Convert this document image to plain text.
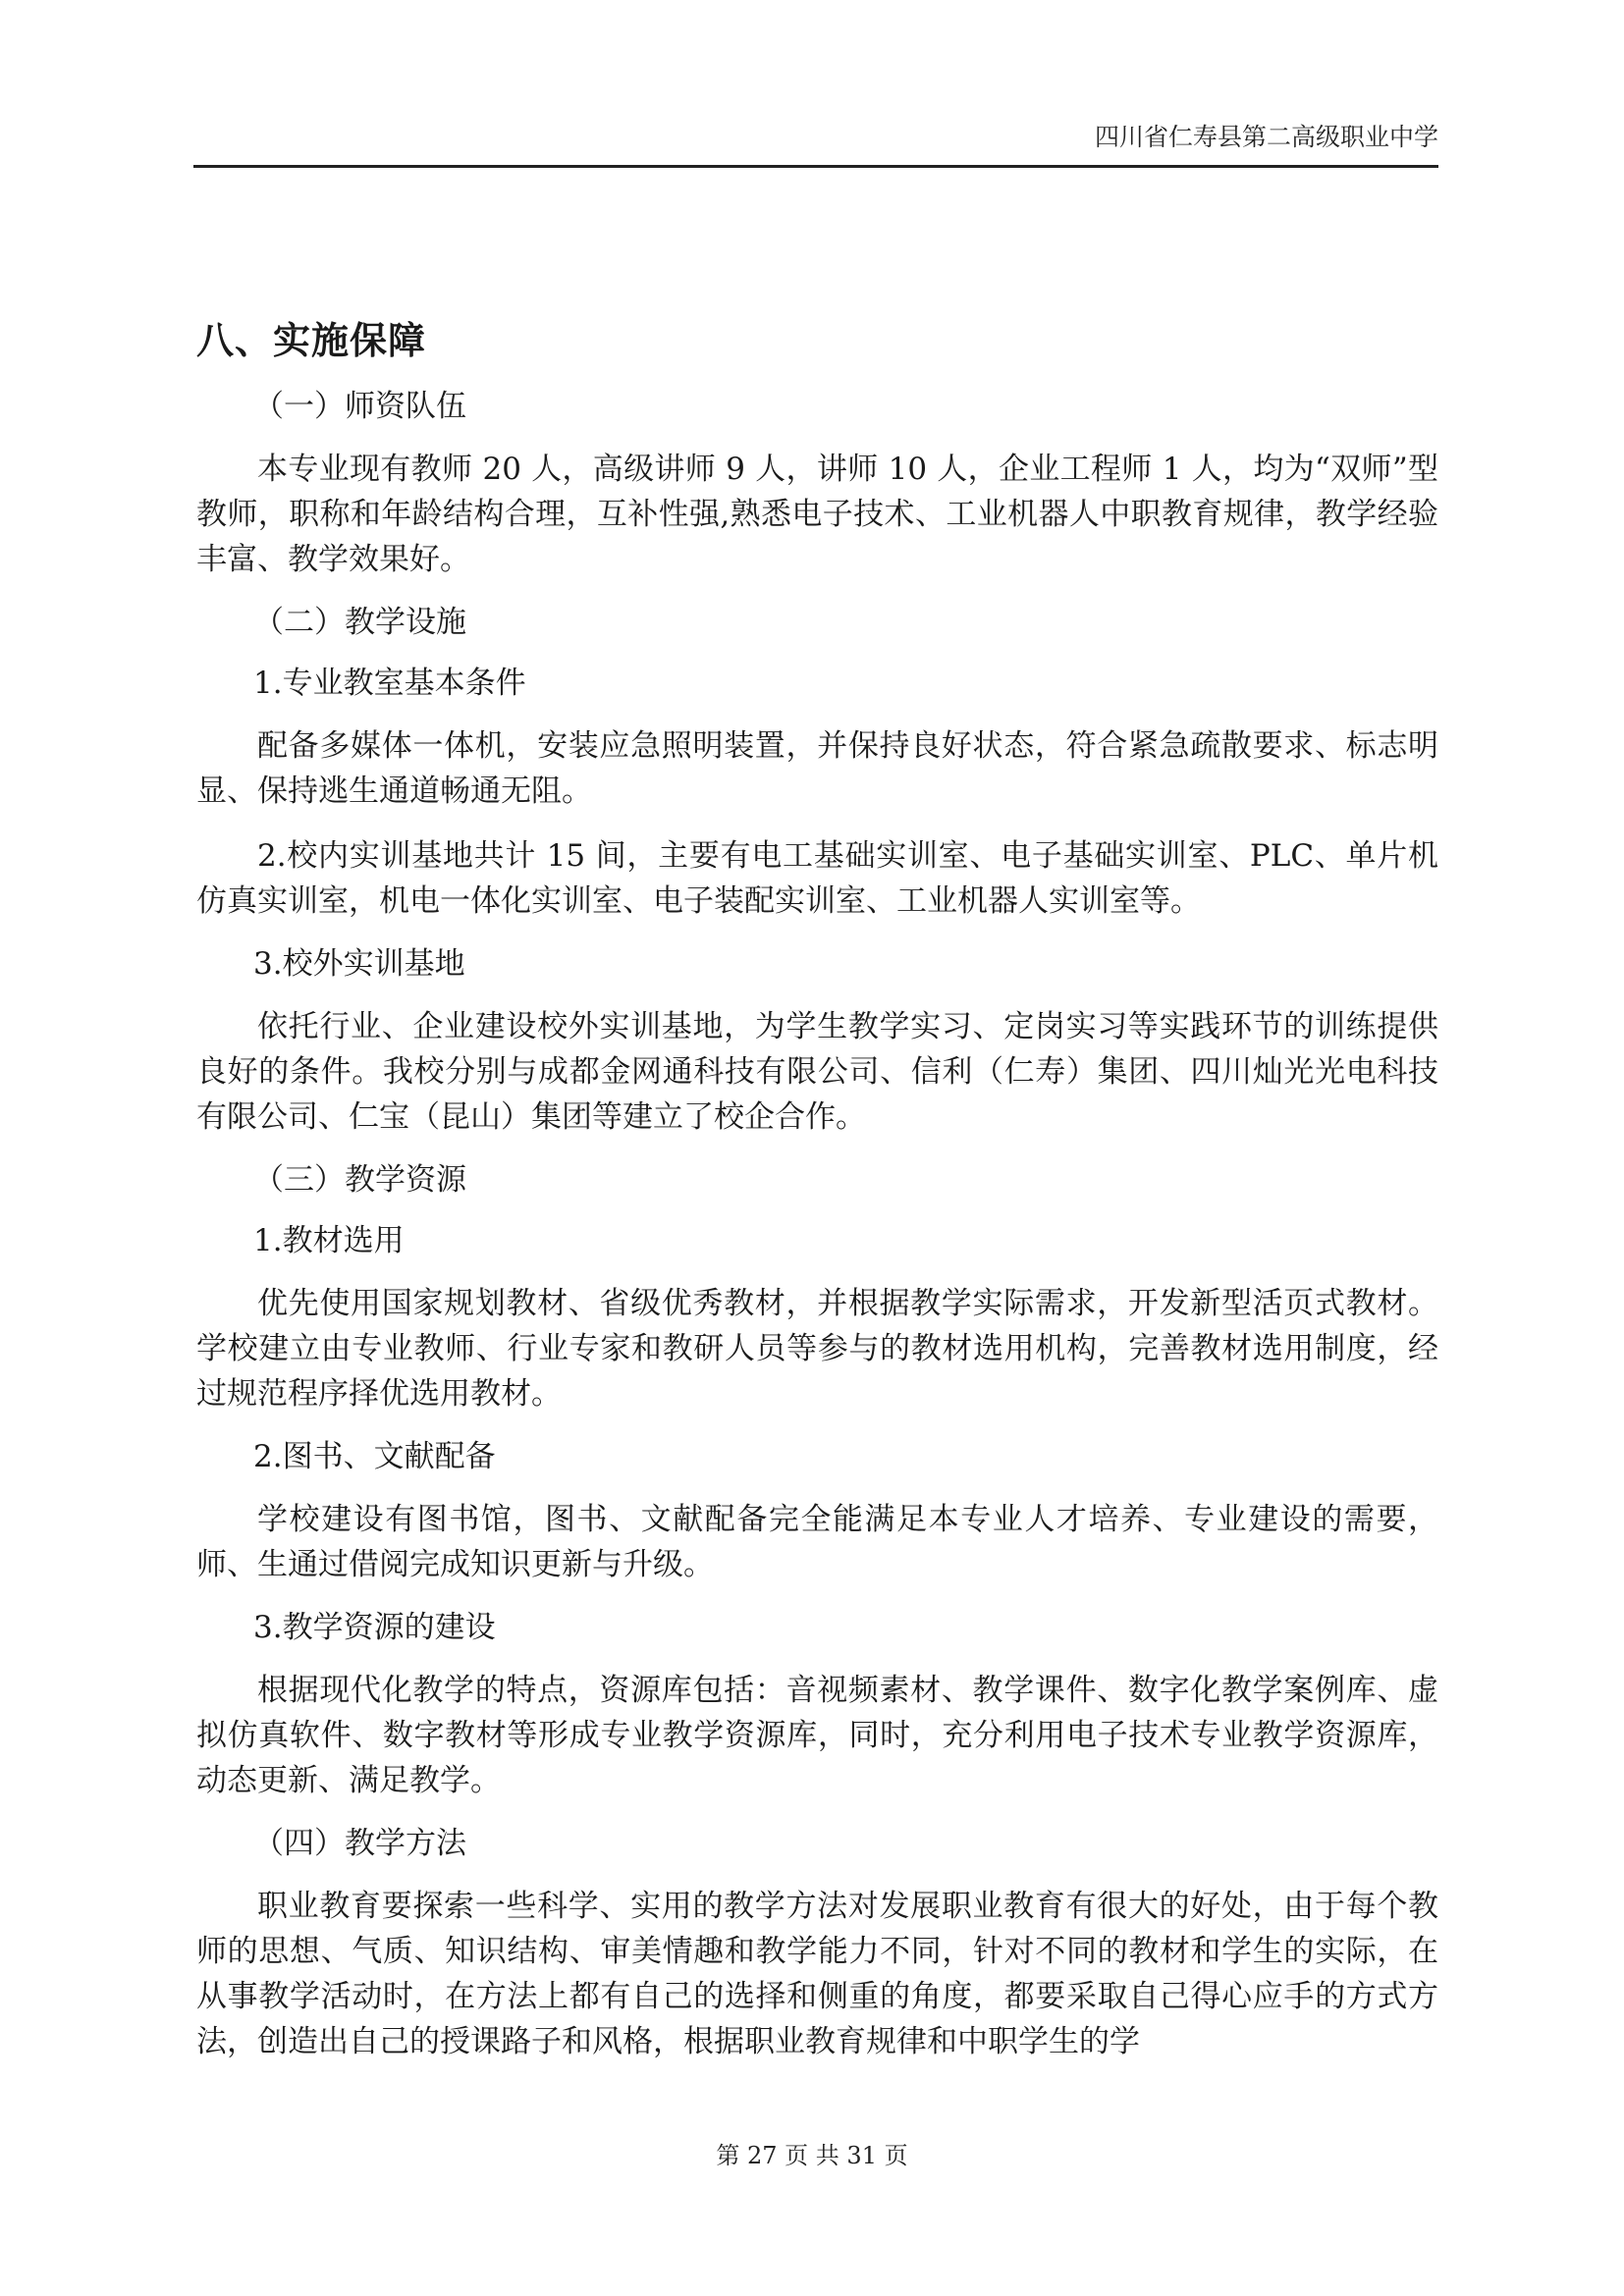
四川省仁寿县第二高级职业中学
八、实施保障
（一）师资队伍
本专业现有教师 20 人，高级讲师 9 人，讲师 10 人，企业工程师 1 人，均为“双师”型教师，职称和年龄结构合理，互补性强,熟悉电子技术、工业机器人中职教育规律，教学经验丰富、教学效果好。
（二）教学设施
1.专业教室基本条件
配备多媒体一体机，安装应急照明装置，并保持良好状态，符合紧急疏散要求、标志明显、保持逃生通道畅通无阻。
2.校内实训基地共计 15 间，主要有电工基础实训室、电子基础实训室、PLC、单片机仿真实训室，机电一体化实训室、电子装配实训室、工业机器人实训室等。
3.校外实训基地
依托行业、企业建设校外实训基地，为学生教学实习、定岗实习等实践环节的训练提供良好的条件。我校分别与成都金网通科技有限公司、信利（仁寿）集团、四川灿光光电科技有限公司、仁宝（昆山）集团等建立了校企合作。
（三）教学资源
1.教材选用
优先使用国家规划教材、省级优秀教材，并根据教学实际需求，开发新型活页式教材。学校建立由专业教师、行业专家和教研人员等参与的教材选用机构，完善教材选用制度，经过规范程序择优选用教材。
2.图书、文献配备
学校建设有图书馆，图书、文献配备完全能满足本专业人才培养、专业建设的需要，师、生通过借阅完成知识更新与升级。
3.教学资源的建设
根据现代化教学的特点，资源库包括：音视频素材、教学课件、数字化教学案例库、虚拟仿真软件、数字教材等形成专业教学资源库，同时，充分利用电子技术专业教学资源库，动态更新、满足教学。
（四）教学方法
职业教育要探索一些科学、实用的教学方法对发展职业教育有很大的好处，由于每个教师的思想、气质、知识结构、审美情趣和教学能力不同，针对不同的教材和学生的实际，在从事教学活动时，在方法上都有自己的选择和侧重的角度，都要采取自己得心应手的方式方法，创造出自己的授课路子和风格，根据职业教育规律和中职学生的学
第 27 页 共 31 页
